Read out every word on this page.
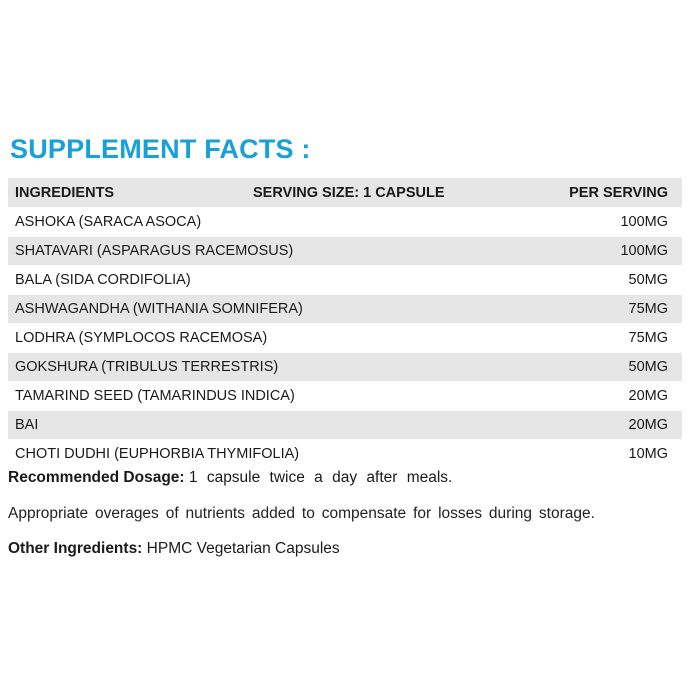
SUPPLEMENT FACTS :
INGREDIENTS	SERVING SIZE: 1 CAPSULE	PER SERVING
ASHOKA (SARACA ASOCA)		100MG
SHATAVARI (ASPARAGUS RACEMOSUS)		100MG
BALA (SIDA CORDIFOLIA)		50MG
ASHWAGANDHA (WITHANIA SOMNIFERA)		75MG
LODHRA (SYMPLOCOS RACEMOSA)		75MG
GOKSHURA (TRIBULUS TERRESTRIS)		50MG
TAMARIND SEED (TAMARINDUS INDICA)		20MG
BAI		20MG
CHOTI DUDHI (EUPHORBIA THYMIFOLIA)		10MG
Recommended Dosage: 1 capsule twice a day after meals.
Appropriate overages of nutrients added to compensate for losses during storage.
Other Ingredients: HPMC Vegetarian Capsules
